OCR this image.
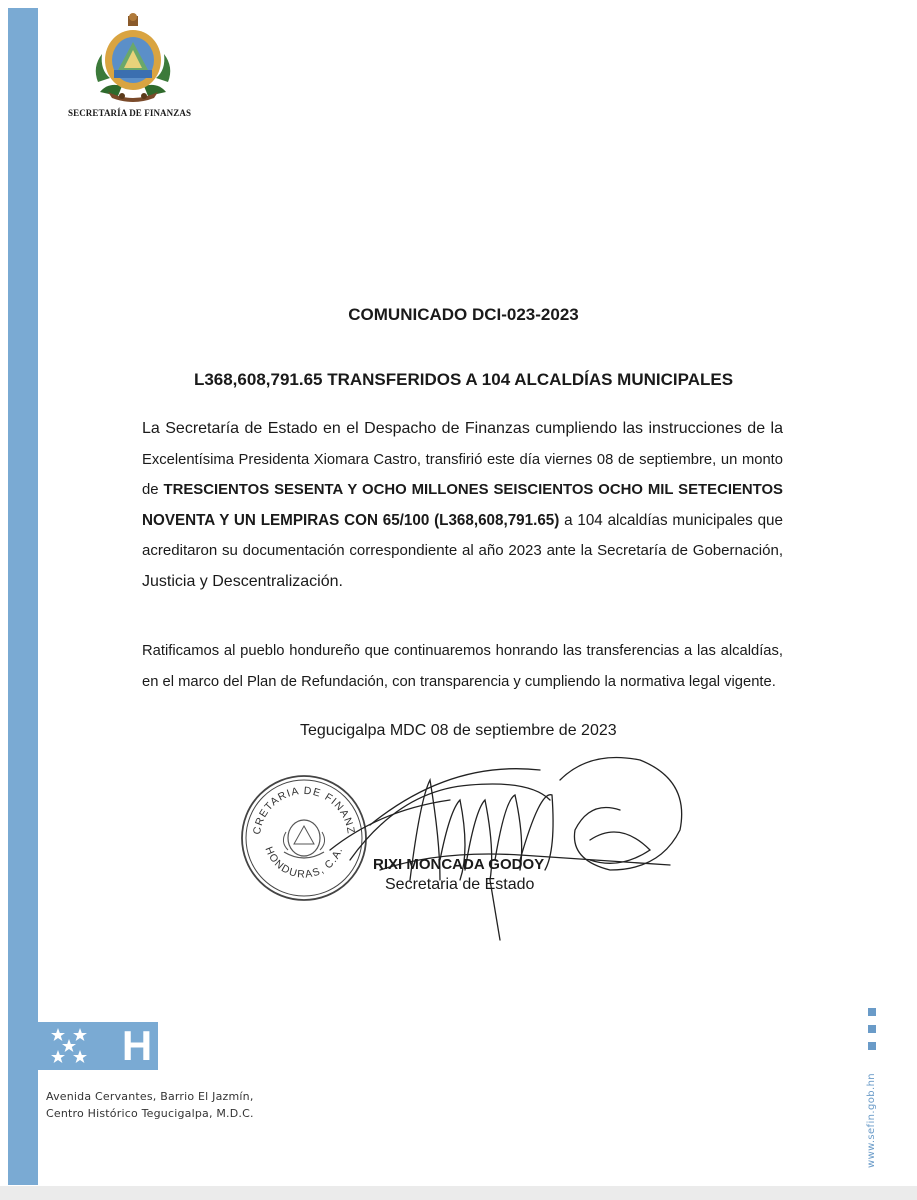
SECRETARÍA DE FINANZAS
COMUNICADO DCI-023-2023
L368,608,791.65 TRANSFERIDOS A 104 ALCALDÍAS MUNICIPALES
La Secretaría de Estado en el Despacho de Finanzas cumpliendo las instrucciones de la
Excelentísima Presidenta Xiomara Castro, transfirió este día viernes 08 de septiembre, un monto
de TRESCIENTOS SESENTA Y OCHO MILLONES SEISCIENTOS OCHO MIL SETECIENTOS
NOVENTA Y UN LEMPIRAS CON 65/100 (L368,608,791.65) a 104 alcaldías municipales que
acreditaron su documentación correspondiente al año 2023 ante la Secretaría de Gobernación,
Justicia y Descentralización.
Ratificamos al pueblo hondureño que continuaremos honrando las transferencias a las alcaldías,
en el marco del Plan de Refundación, con transparencia y cumpliendo la normativa legal vigente.
Tegucigalpa MDC 08 de septiembre de 2023
CRETARIA DE FINANZ
HONDURAS, C.A.
RIXI MONCADA GODOY
Secretaria de Estado
H
Avenida Cervantes, Barrio El Jazmín,
Centro Histórico Tegucigalpa, M.D.C.	www.sefin.gob.hn
